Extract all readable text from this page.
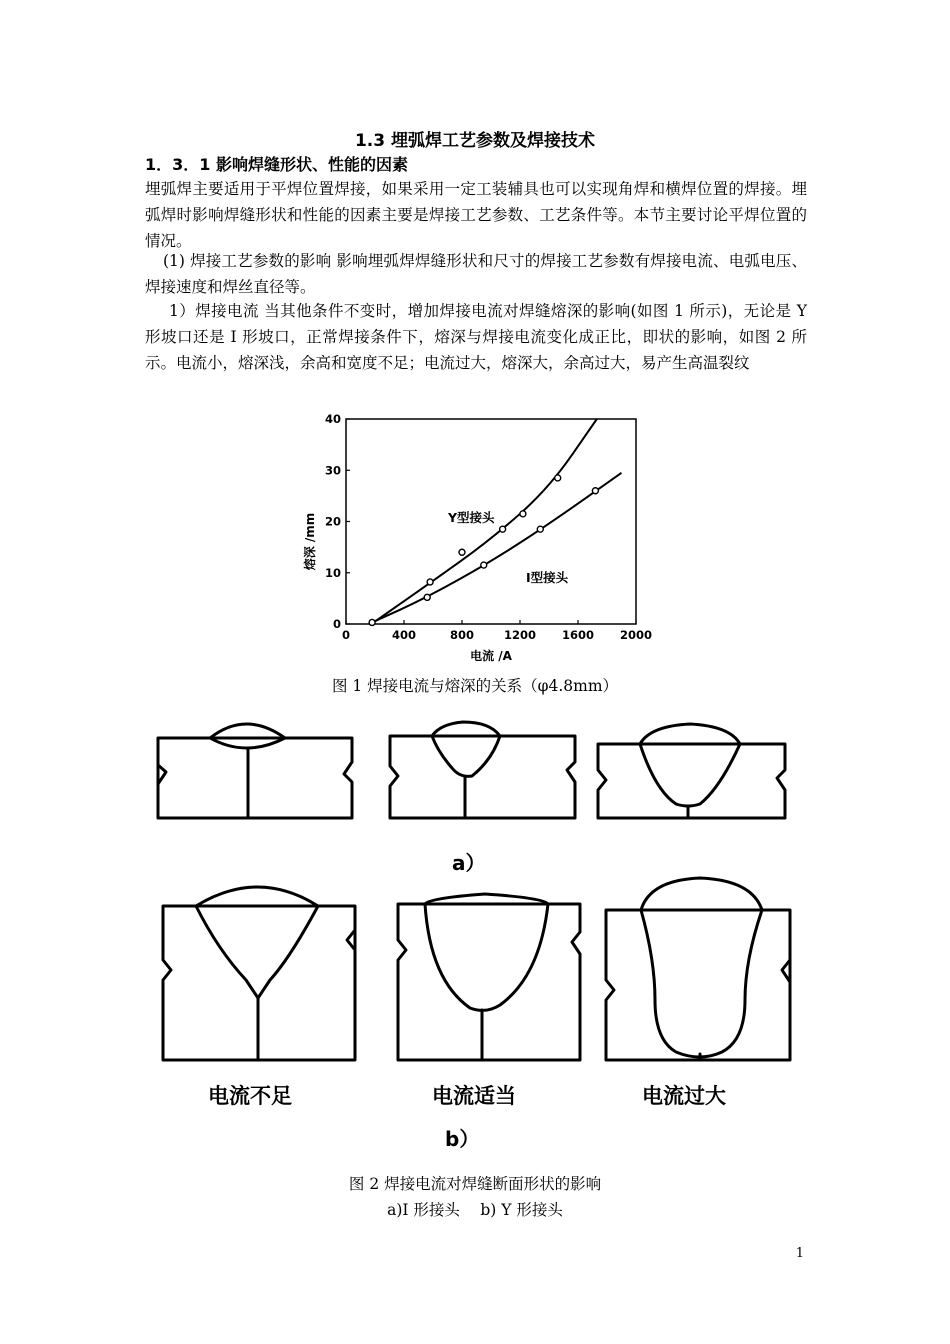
1.3 埋弧焊工艺参数及焊接技术
1．3．1 影响焊缝形状、性能的因素
埋弧焊主要适用于平焊位置焊接，如果采用一定工装辅具也可以实现角焊和横焊位置的焊接。埋弧焊时影响焊缝形状和性能的因素主要是焊接工艺参数、工艺条件等。本节主要讨论平焊位置的情况。
(1) 焊接工艺参数的影响 影响埋弧焊焊缝形状和尺寸的焊接工艺参数有焊接电流、电弧电压、焊接速度和焊丝直径等。
1）焊接电流 当其他条件不变时，增加焊接电流对焊缝熔深的影响(如图 1 所示)，无论是 Y 形坡口还是 I 形坡口，正常焊接条件下，熔深与焊接电流变化成正比，即状的影响，如图 2 所示。电流小，熔深浅，余高和宽度不足；电流过大，熔深大，余高过大，易产生高温裂纹
0	400	800	1200 1600 2000
0
10
20
30
40
电流 /A
熔深 /mm	Y型接头
I型接头
图 1 焊接电流与熔深的关系（φ4.8mm）
a）
电流不足	电流适当	电流过大
b）
图 2 焊接电流对焊缝断面形状的影响
a)I 形接头　 b) Y 形接头
1
